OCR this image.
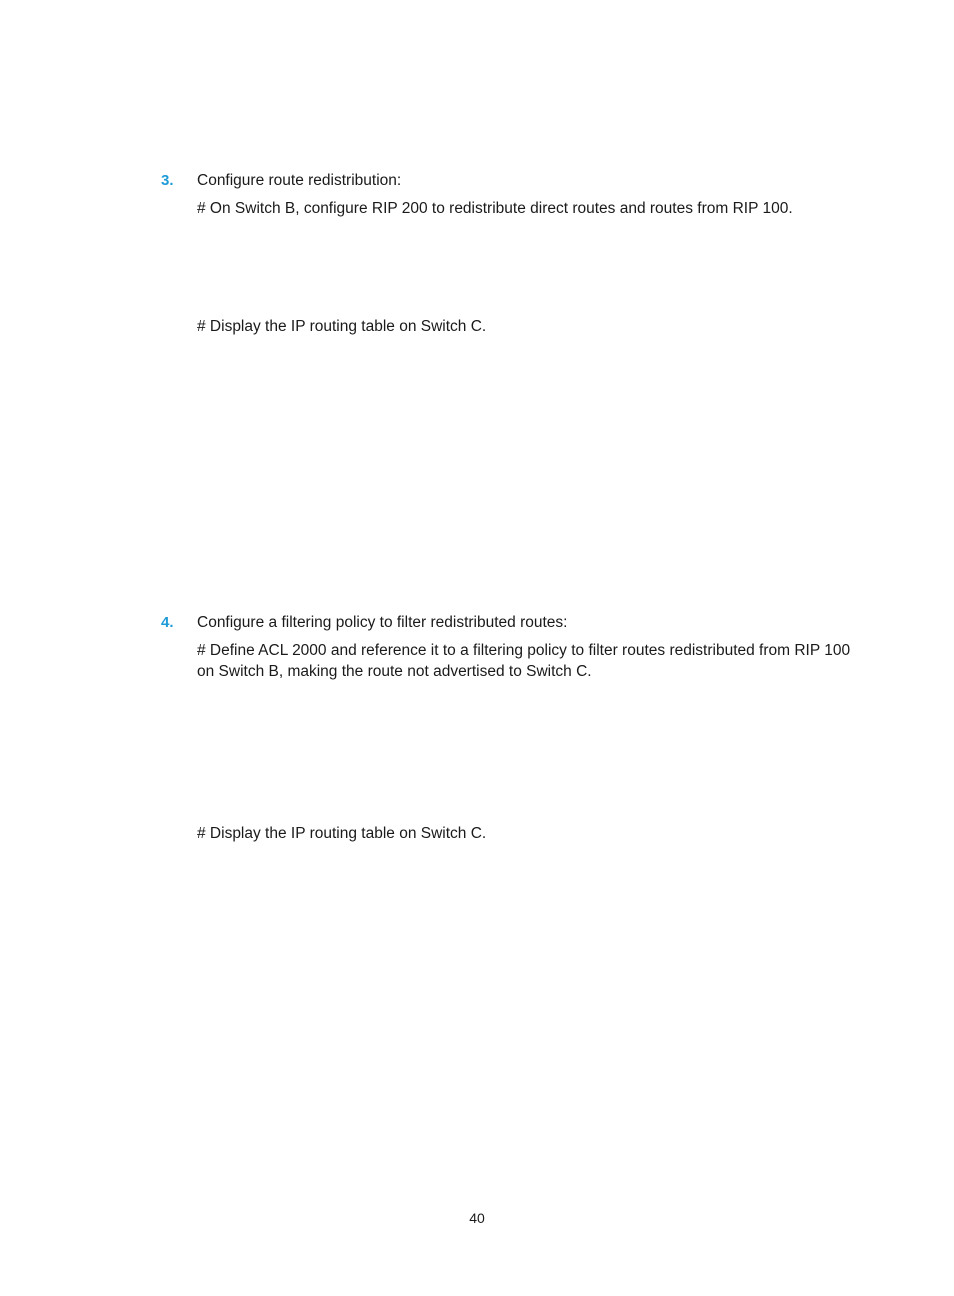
3. Configure route redistribution:
# On Switch B, configure RIP 200 to redistribute direct routes and routes from RIP 100.
# Display the IP routing table on Switch C.
4. Configure a filtering policy to filter redistributed routes:
# Define ACL 2000 and reference it to a filtering policy to filter routes redistributed from RIP 100
on Switch B, making the route not advertised to Switch C.
# Display the IP routing table on Switch C.
40
